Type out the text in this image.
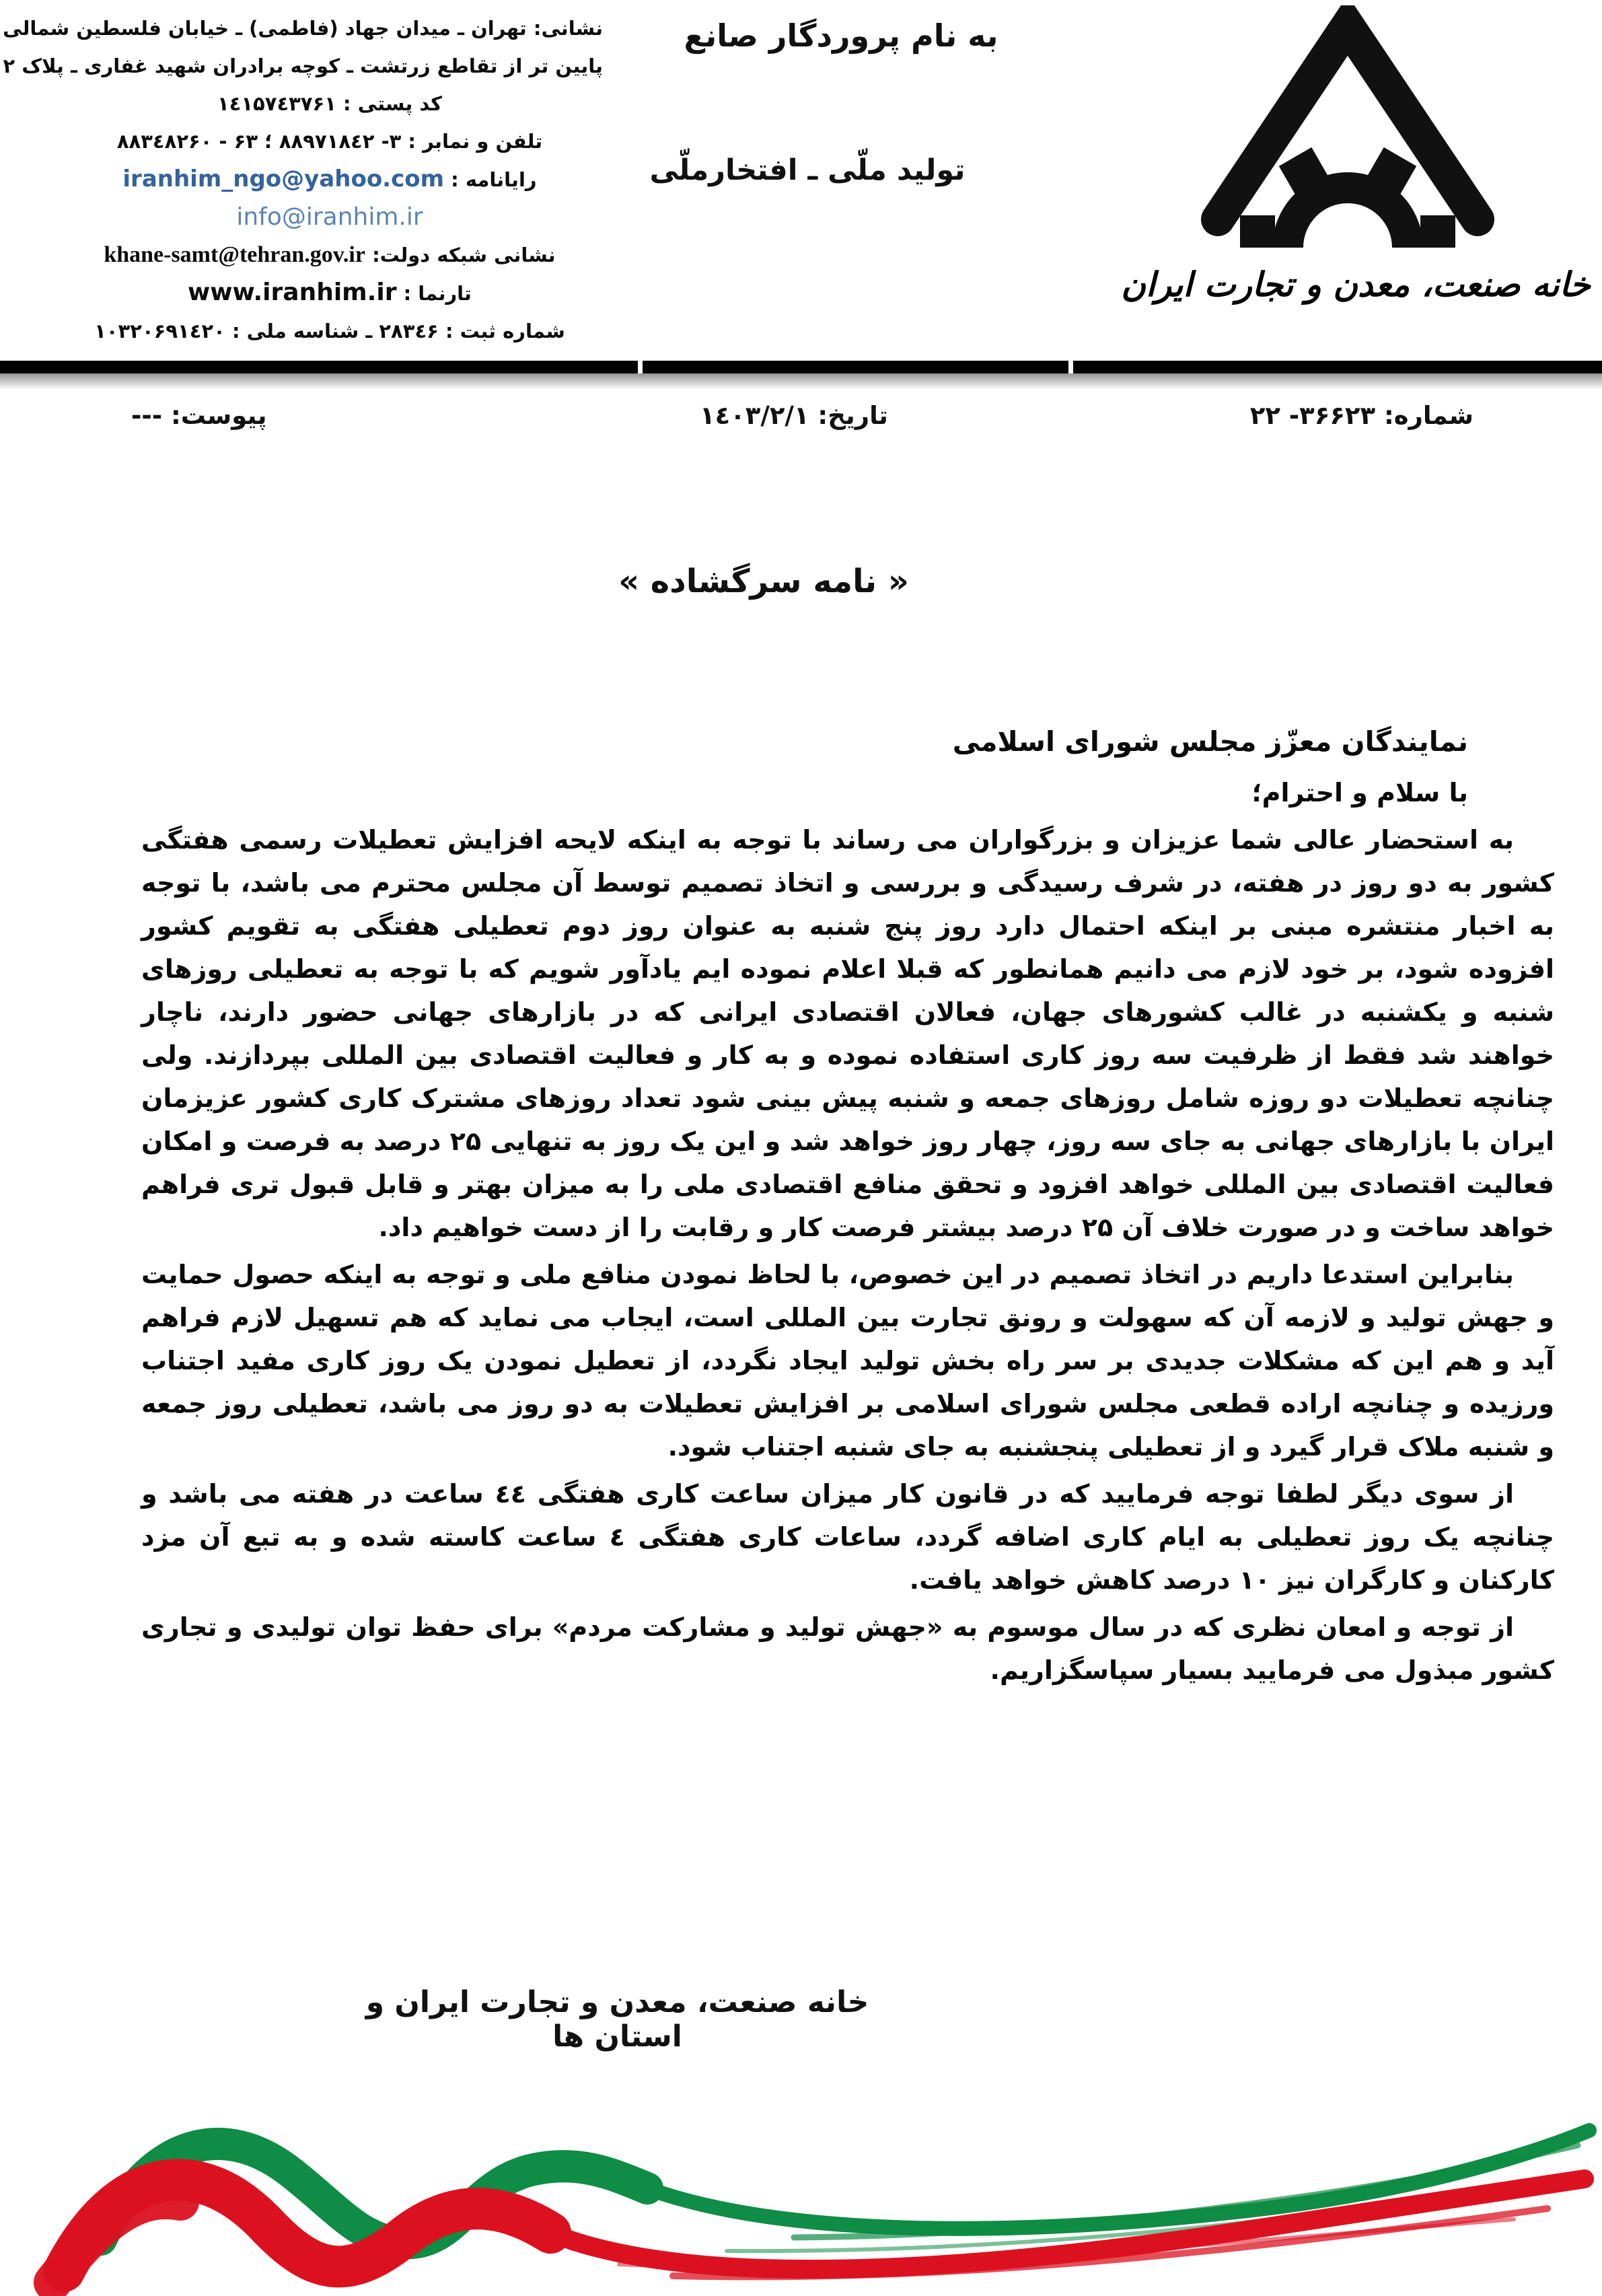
نشانی: تهران ـ میدان جهاد (فاطمی) ـ خیابان فلسطین شمالی
پایین تر از تقاطع زرتشت ـ کوچه برادران شهید غفاری ـ پلاک ۲
کد پستی : ۱٤۱۵۷٤۳۷۶۱
تلفن و نمابر : ۳- ۸۸۹۷۱۸٤۲ ؛ ۶۳ - ۸۸۳٤۸۲۶۰
رایانامه : iranhim_ngo@yahoo.com
info@iranhim.ir
نشانی شبکه دولت: khane-samt@tehran.gov.ir
تارنما : www.iranhim.ir
شماره ثبت : ۲۸۳٤۶ ـ شناسه ملی : ۱۰۳۲۰۶۹۱٤۲۰
به نام پروردگار صانع
تولید ملّی ـ افتخارملّی
خانه صنعت، معدن و تجارت ایران
شماره: ۳۶۶۲۳- ۲۲
تاریخ: ۱٤۰۳/۲/۱
پیوست: ---
« نامه سرگشاده »
نمایندگان معزّز مجلس شورای اسلامی
با سلام و احترام؛

به استحضار عالی شما عزیزان و بزرگواران می رساند با توجه به اینکه لایحه افزایش تعطیلات رسمی هفتگی کشور به دو روز در هفته، در شرف رسیدگی و بررسی و اتخاذ تصمیم توسط آن مجلس محترم می باشد، با توجه به اخبار منتشره مبنی بر اینکه احتمال دارد روز پنج شنبه به عنوان روز دوم تعطیلی هفتگی به تقویم کشور افزوده شود، بر خود لازم می دانیم همانطور که قبلا اعلام نموده ایم یادآور شویم که با توجه به تعطیلی روزهای شنبه و یکشنبه در غالب کشورهای جهان، فعالان اقتصادی ایرانی که در بازارهای جهانی حضور دارند، ناچار خواهند شد فقط از ظرفیت سه روز کاری استفاده نموده و به کار و فعالیت اقتصادی بین المللی بپردازند. ولی چنانچه تعطیلات دو روزه شامل روزهای جمعه و شنبه پیش بینی شود تعداد روزهای مشترک کاری کشور عزیزمان ایران با بازارهای جهانی به جای سه روز، چهار روز خواهد شد و این یک روز به تنهایی ۲۵ درصد به فرصت و امکان فعالیت اقتصادی بین المللی خواهد افزود و تحقق منافع اقتصادی ملی را به میزان بهتر و قابل قبول تری فراهم خواهد ساخت و در صورت خلاف آن ۲۵ درصد بیشتر فرصت کار و رقابت را از دست خواهیم داد.

بنابراین استدعا داریم در اتخاذ تصمیم در این خصوص، با لحاظ نمودن منافع ملی و توجه به اینکه حصول حمایت و جهش تولید و لازمه آن که سهولت و رونق تجارت بین المللی است، ایجاب می نماید که هم تسهیل لازم فراهم آید و هم این که مشکلات جدیدی بر سر راه بخش تولید ایجاد نگردد، از تعطیل نمودن یک روز کاری مفید اجتناب ورزیده و چنانچه اراده قطعی مجلس شورای اسلامی بر افزایش تعطیلات به دو روز می باشد، تعطیلی روز جمعه و شنبه ملاک قرار گیرد و از تعطیلی پنجشنبه به جای شنبه اجتناب شود.

از سوی دیگر لطفا توجه فرمایید که در قانون کار میزان ساعت کاری هفتگی ٤٤ ساعت در هفته می باشد و چنانچه یک روز تعطیلی به ایام کاری اضافه گردد، ساعات کاری هفتگی ٤ ساعت کاسته شده و به تبع آن مزد کارکنان و کارگران نیز ۱۰ درصد کاهش خواهد یافت.

از توجه و امعان نظری که در سال موسوم به «جهش تولید و مشارکت مردم» برای حفظ توان تولیدی و تجاری کشور مبذول می فرمایید بسیار سپاسگزاریم.

خانه صنعت، معدن و تجارت ایران و استان ها
